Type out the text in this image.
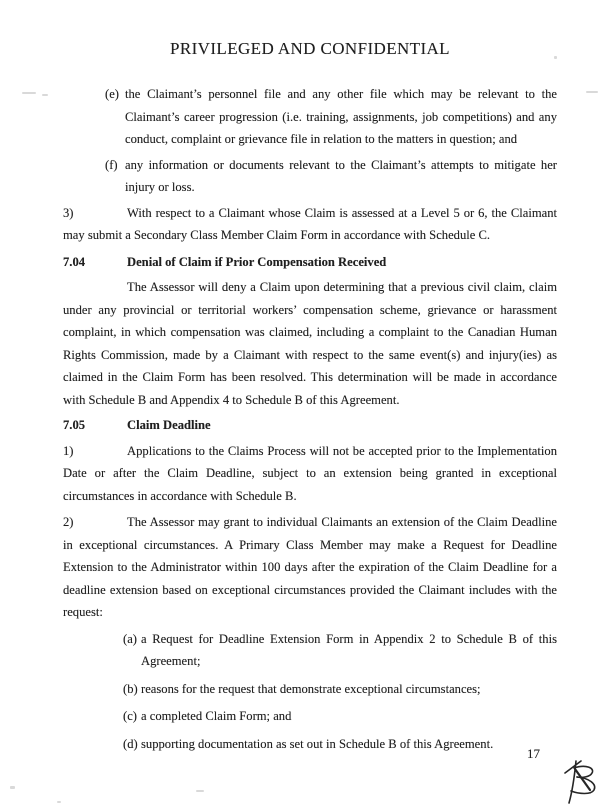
PRIVILEGED AND CONFIDENTIAL
(e) the Claimant’s personnel file and any other file which may be relevant to the Claimant’s career progression (i.e. training, assignments, job competitions) and any conduct, complaint or grievance file in relation to the matters in question; and
(f) any information or documents relevant to the Claimant’s attempts to mitigate her injury or loss.
3)	With respect to a Claimant whose Claim is assessed at a Level 5 or 6, the Claimant may submit a Secondary Class Member Claim Form in accordance with Schedule C.
7.04	Denial of Claim if Prior Compensation Received
The Assessor will deny a Claim upon determining that a previous civil claim, claim under any provincial or territorial workers’ compensation scheme, grievance or harassment complaint, in which compensation was claimed, including a complaint to the Canadian Human Rights Commission, made by a Claimant with respect to the same event(s) and injury(ies) as claimed in the Claim Form has been resolved. This determination will be made in accordance with Schedule B and Appendix 4 to Schedule B of this Agreement.
7.05	Claim Deadline
1)	Applications to the Claims Process will not be accepted prior to the Implementation Date or after the Claim Deadline, subject to an extension being granted in exceptional circumstances in accordance with Schedule B.
2)	The Assessor may grant to individual Claimants an extension of the Claim Deadline in exceptional circumstances. A Primary Class Member may make a Request for Deadline Extension to the Administrator within 100 days after the expiration of the Claim Deadline for a deadline extension based on exceptional circumstances provided the Claimant includes with the request:
(a) a Request for Deadline Extension Form in Appendix 2 to Schedule B of this Agreement;
(b) reasons for the request that demonstrate exceptional circumstances;
(c) a completed Claim Form; and
(d) supporting documentation as set out in Schedule B of this Agreement.
17
